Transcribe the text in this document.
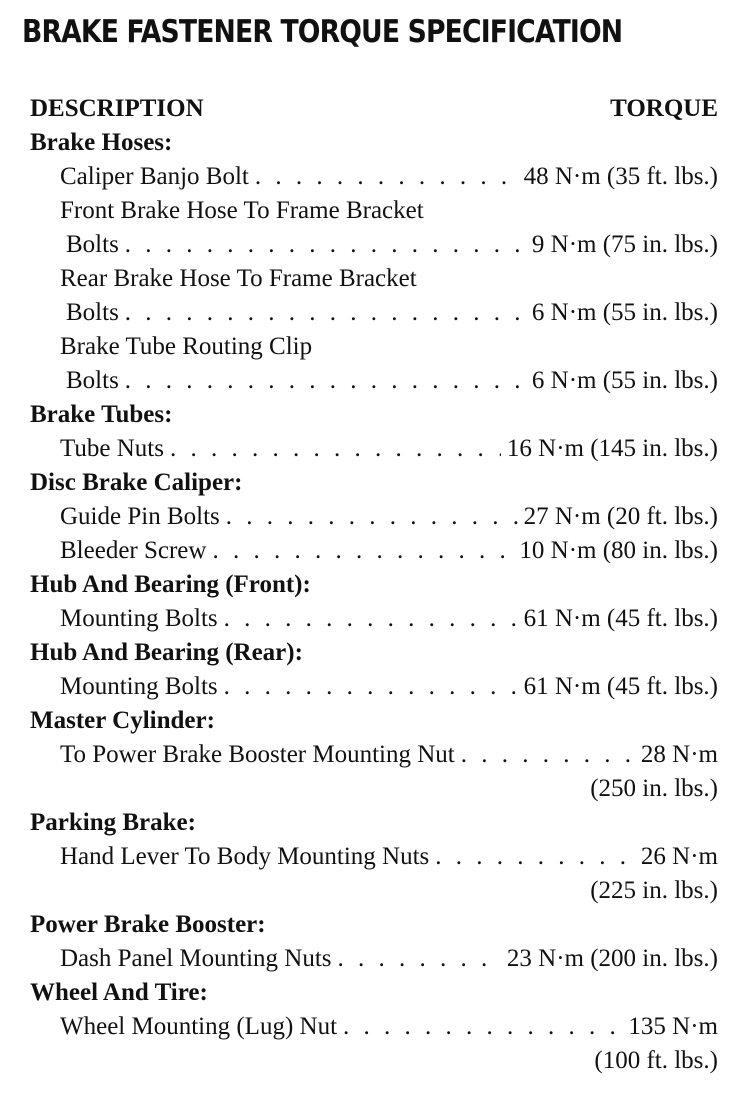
BRAKE FASTENER TORQUE SPECIFICATION
DESCRIPTION	TORQUE
Brake Hoses:
Caliper Banjo Bolt . . .	48 N·m (35 ft. lbs.)
Front Brake Hose To Frame Bracket
Bolts . . .	9 N·m (75 in. lbs.)
Rear Brake Hose To Frame Bracket
Bolts . . .	6 N·m (55 in. lbs.)
Brake Tube Routing Clip
Bolts . . .	6 N·m (55 in. lbs.)
Brake Tubes:
Tube Nuts . . .	16 N·m (145 in. lbs.)
Disc Brake Caliper:
Guide Pin Bolts . . .	27 N·m (20 ft. lbs.)
Bleeder Screw . . .	10 N·m (80 in. lbs.)
Hub And Bearing (Front):
Mounting Bolts . . .	61 N·m (45 ft. lbs.)
Hub And Bearing (Rear):
Mounting Bolts . . .	61 N·m (45 ft. lbs.)
Master Cylinder:
To Power Brake Booster Mounting Nut . . .	28 N·m
(250 in. lbs.)
Parking Brake:
Hand Lever To Body Mounting Nuts . . .	26 N·m
(225 in. lbs.)
Power Brake Booster:
Dash Panel Mounting Nuts . . .	23 N·m (200 in. lbs.)
Wheel And Tire:
Wheel Mounting (Lug) Nut . . .	135 N·m
(100 ft. lbs.)
